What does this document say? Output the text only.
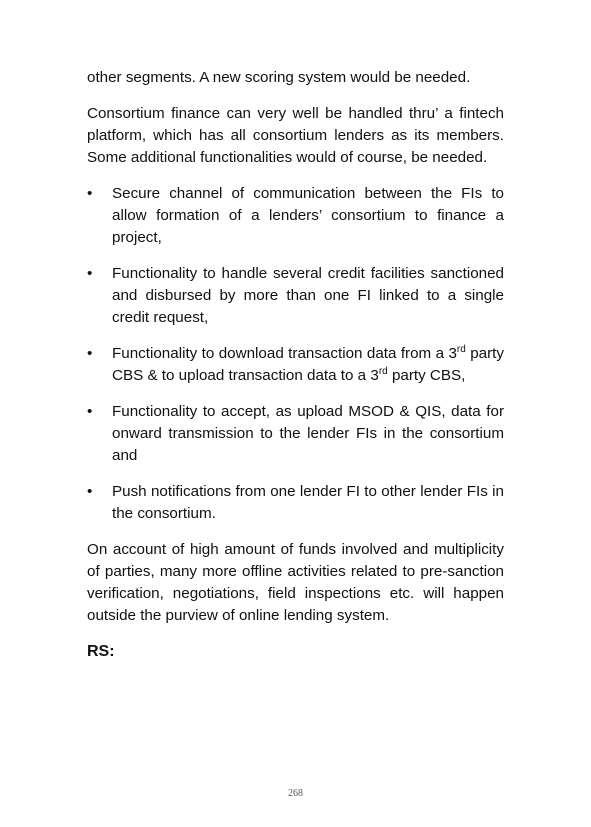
other segments. A new scoring system would be needed.

Consortium finance can very well be handled thru’ a fintech platform, which has all consortium lenders as its members. Some additional functionalities would of course, be needed.

• Secure channel of communication between the FIs to allow formation of a lenders’ consortium to finance a project,
• Functionality to handle several credit facilities sanctioned and disbursed by more than one FI linked to a single credit request,
• Functionality to download transaction data from a 3rd party CBS & to upload transaction data to a 3rd party CBS,
• Functionality to accept, as upload MSOD & QIS, data for onward transmission to the lender FIs in the consortium and
• Push notifications from one lender FI to other lender FIs in the consortium.

On account of high amount of funds involved and multiplicity of parties, many more offline activities related to pre-sanction verification, negotiations, field inspections etc. will happen outside the purview of online lending system.

RS:

268
